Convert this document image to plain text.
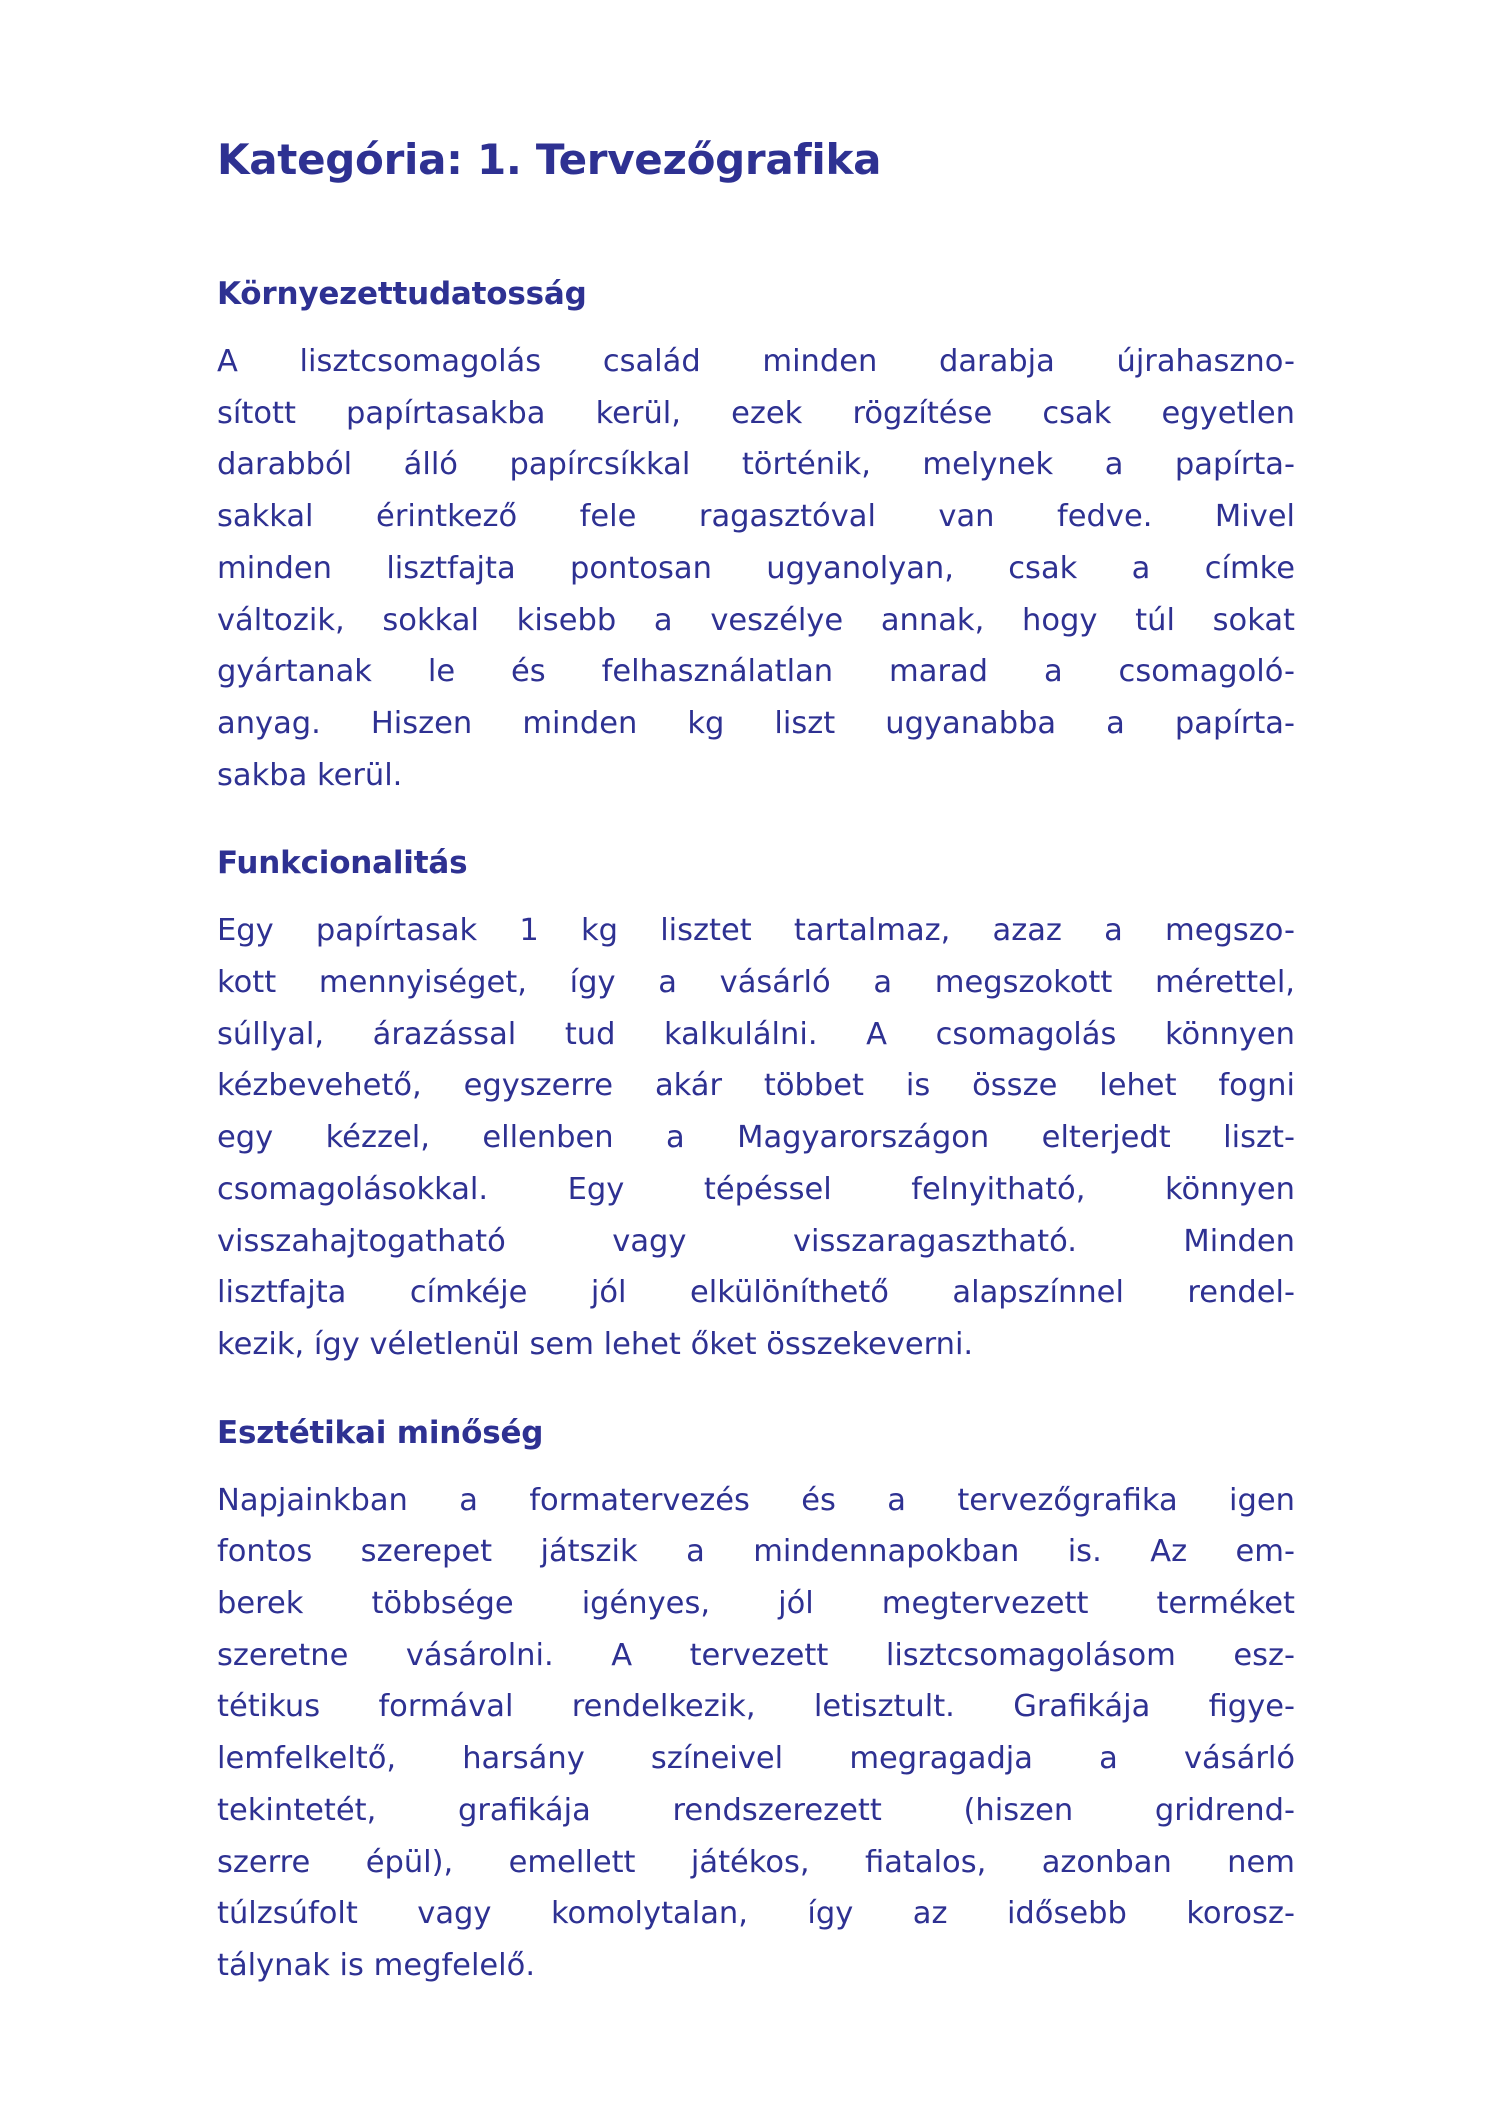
Kategória: 1. Tervezőgrafika
Környezettudatosság
A lisztcsomagolás család minden darabja újrahaszno-
sított papírtasakba kerül, ezek rögzítése csak egyetlen
darabból álló papírcsíkkal történik, melynek a papírta-
sakkal érintkező fele ragasztóval van fedve. Mivel
minden lisztfajta pontosan ugyanolyan, csak a címke
változik, sokkal kisebb a veszélye annak, hogy túl sokat
gyártanak le és felhasználatlan marad a csomagoló-
anyag. Hiszen minden kg liszt ugyanabba a papírta-
sakba kerül.
Funkcionalitás
Egy papírtasak 1 kg lisztet tartalmaz, azaz a megszo-
kott mennyiséget, így a vásárló a megszokott mérettel,
súllyal, árazással tud kalkulálni. A csomagolás könnyen
kézbevehető, egyszerre akár többet is össze lehet fogni
egy kézzel, ellenben a Magyarországon elterjedt liszt-
csomagolásokkal. Egy tépéssel felnyitható, könnyen
visszahajtogatható vagy visszaragasztható. Minden
lisztfajta címkéje jól elkülöníthető alapszínnel rendel-
kezik, így véletlenül sem lehet őket összekeverni.
Esztétikai minőség
Napjainkban a formatervezés és a tervezőgrafika igen
fontos szerepet játszik a mindennapokban is. Az em-
berek többsége igényes, jól megtervezett terméket
szeretne vásárolni. A tervezett lisztcsomagolásom esz-
tétikus formával rendelkezik, letisztult. Grafikája figye-
lemfelkeltő, harsány színeivel megragadja a vásárló
tekintetét, grafikája rendszerezett (hiszen gridrend-
szerre épül), emellett játékos, fiatalos, azonban nem
túlzsúfolt vagy komolytalan, így az idősebb korosz-
tálynak is megfelelő.
